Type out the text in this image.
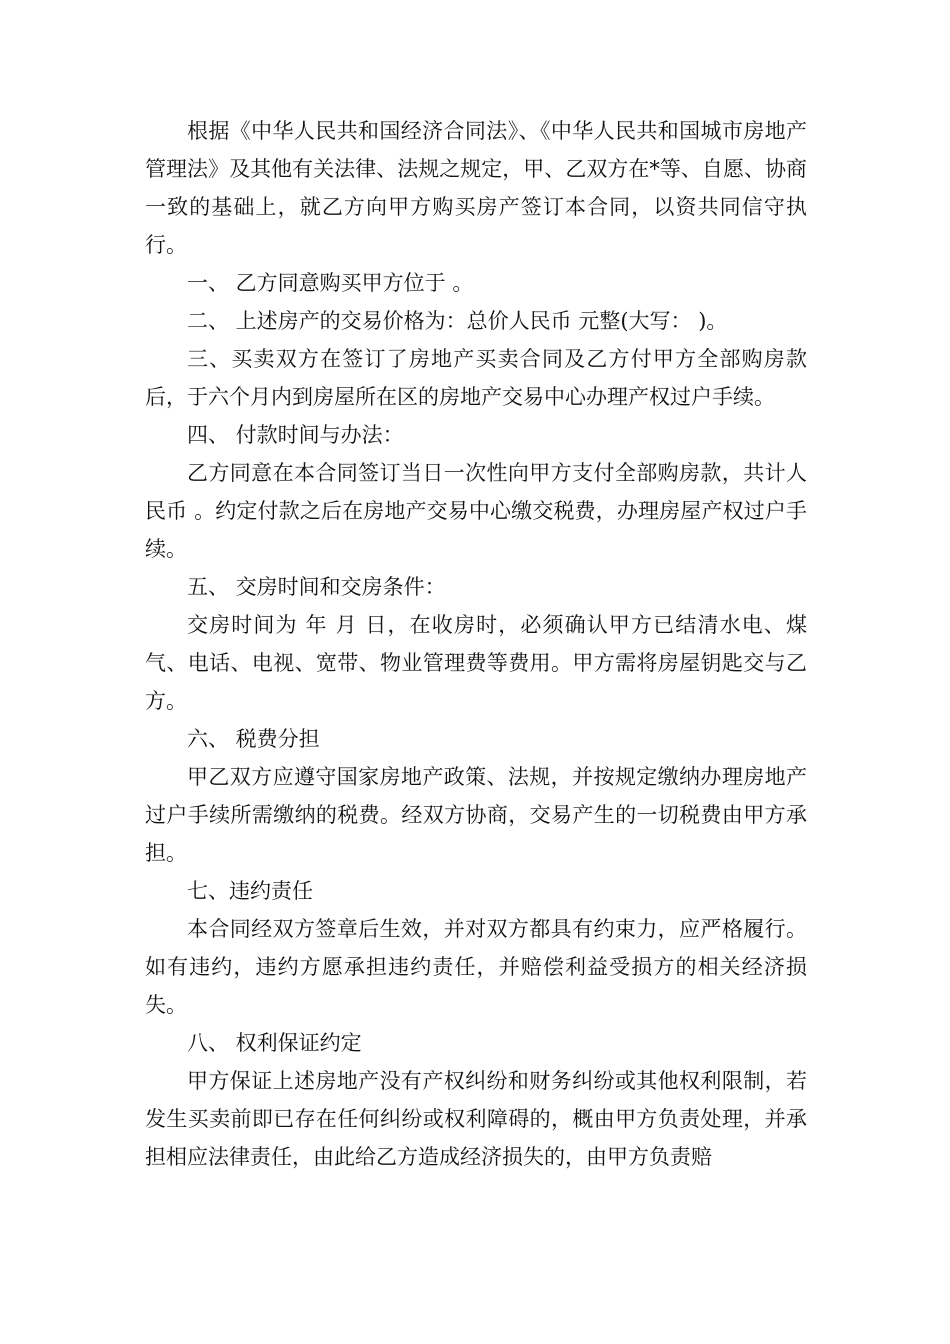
根据《中华人民共和国经济合同法》、《中华人民共和国城市房地产管理法》及其他有关法律、法规之规定，甲、乙双方在*等、自愿、协商一致的基础上，就乙方向甲方购买房产签订本合同，以资共同信守执行。

一、 乙方同意购买甲方位于 。

二、 上述房产的交易价格为：总价人民币 元整(大写： )。

三、买卖双方在签订了房地产买卖合同及乙方付甲方全部购房款后，于六个月内到房屋所在区的房地产交易中心办理产权过户手续。

四、 付款时间与办法：

乙方同意在本合同签订当日一次性向甲方支付全部购房款，共计人民币 。约定付款之后在房地产交易中心缴交税费，办理房屋产权过户手续。

五、 交房时间和交房条件：

交房时间为 年 月 日，在收房时，必须确认甲方已结清水电、煤气、电话、电视、宽带、物业管理费等费用。甲方需将房屋钥匙交与乙方。

六、 税费分担

甲乙双方应遵守国家房地产政策、法规，并按规定缴纳办理房地产过户手续所需缴纳的税费。经双方协商，交易产生的一切税费由甲方承担。

七、违约责任

本合同经双方签章后生效，并对双方都具有约束力，应严格履行。如有违约，违约方愿承担违约责任，并赔偿利益受损方的相关经济损失。

八、 权利保证约定

甲方保证上述房地产没有产权纠纷和财务纠纷或其他权利限制，若发生买卖前即已存在任何纠纷或权利障碍的，概由甲方负责处理，并承担相应法律责任，由此给乙方造成经济损失的，由甲方负责赔
